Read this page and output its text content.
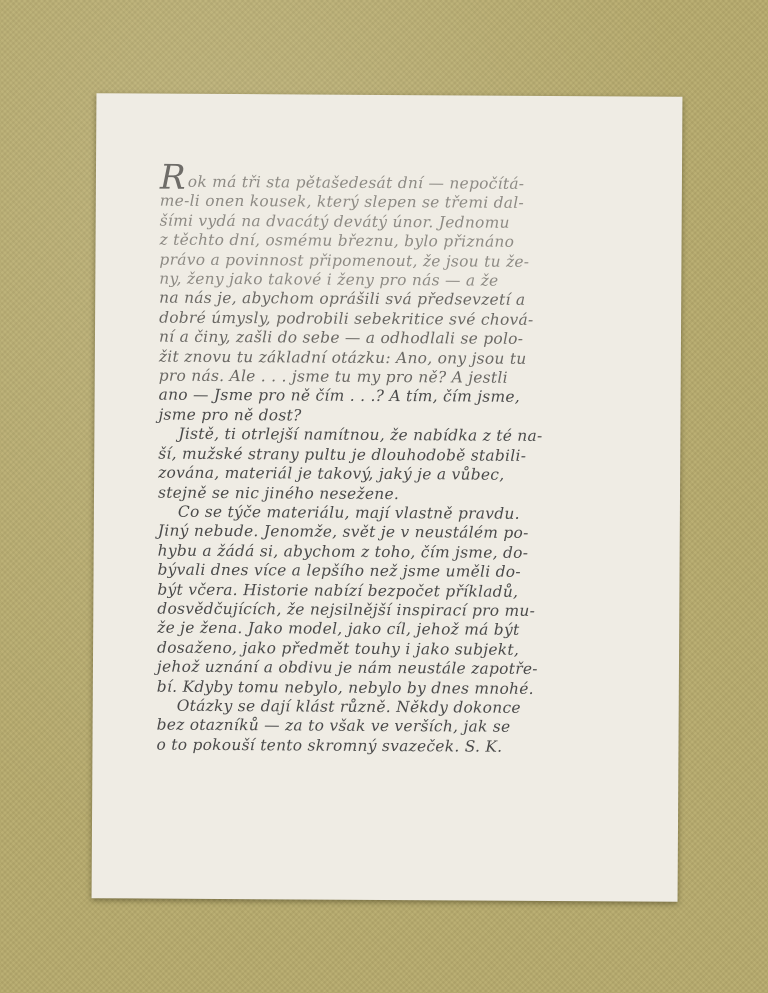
Rok má tři sta pětašedesát dní — nepočítá-
me-li onen kousek, který slepen se třemi dal-
šími vydá na dvacátý devátý únor. Jednomu
z těchto dní, osmému březnu, bylo přiznáno
právo a povinnost připomenout, že jsou tu že-
ny, ženy jako takové i ženy pro nás — a že
na nás je, abychom oprášili svá předsevzetí a
dobré úmysly, podrobili sebekritice své chová-
ní a činy, zašli do sebe — a odhodlali se polo-
žit znovu tu základní otázku: Ano, ony jsou tu
pro nás. Ale . . . jsme tu my pro ně? A jestli
ano — Jsme pro ně čím . . .? A tím, čím jsme,
jsme pro ně dost?
Jistě, ti otrlejší namítnou, že nabídka z té na-
ší, mužské strany pultu je dlouhodobě stabili-
zována, materiál je takový, jaký je a vůbec,
stejně se nic jiného nesežene.
Co se týče materiálu, mají vlastně pravdu.
Jiný nebude. Jenomže, svět je v neustálém po-
hybu a žádá si, abychom z toho, čím jsme, do-
bývali dnes více a lepšího než jsme uměli do-
být včera. Historie nabízí bezpočet příkladů,
dosvědčujících, že nejsilnější inspirací pro mu-
že je žena. Jako model, jako cíl, jehož má být
dosaženo, jako předmět touhy i jako subjekt,
jehož uznání a obdivu je nám neustále zapotře-
bí. Kdyby tomu nebylo, nebylo by dnes mnohé.
Otázky se dají klást různě. Někdy dokonce
bez otazníků — za to však ve verších, jak se
o to pokouší tento skromný svazeček. S. K.
